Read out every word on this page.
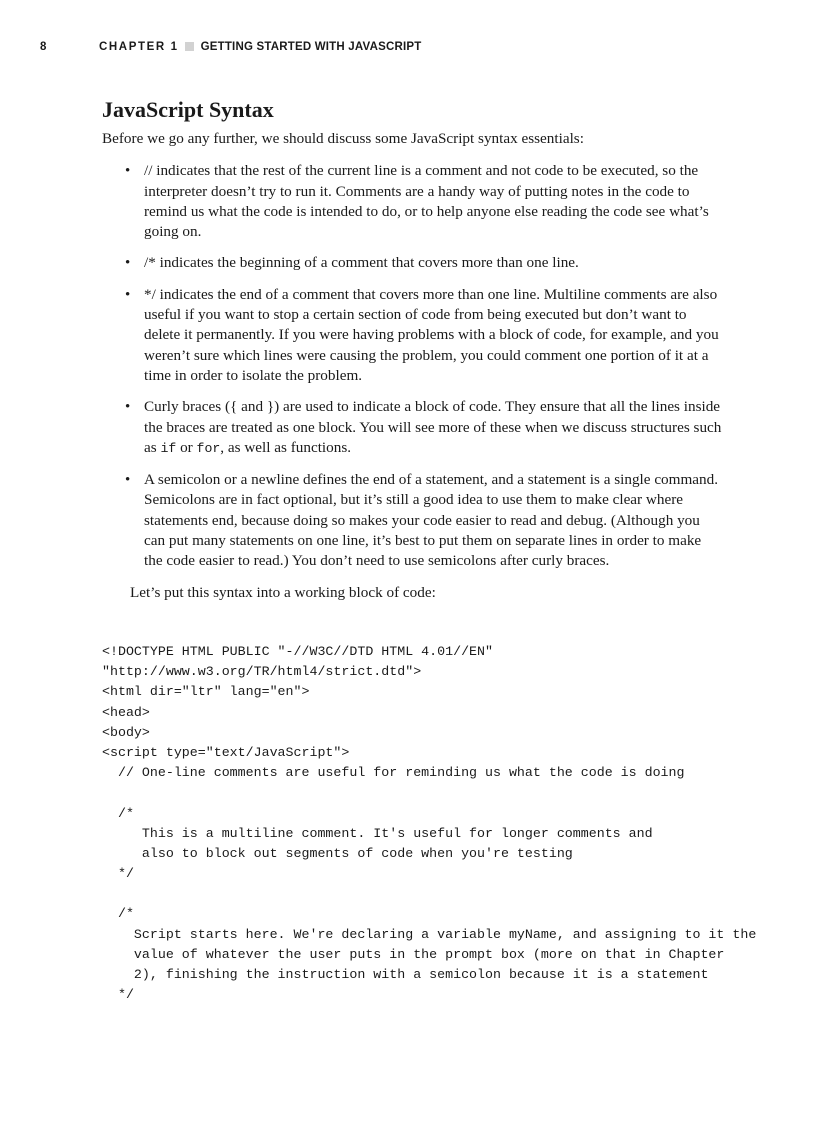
8	CHAPTER 1 GETTING STARTED WITH JAVASCRIPT
JavaScript Syntax

Before we go any further, we should discuss some JavaScript syntax essentials:

• // indicates that the rest of the current line is a comment and not code to be executed, so the interpreter doesn’t try to run it. Comments are a handy way of putting notes in the code to remind us what the code is intended to do, or to help anyone else reading the code see what’s going on.
• /* indicates the beginning of a comment that covers more than one line.
• */ indicates the end of a comment that covers more than one line. Multiline comments are also useful if you want to stop a certain section of code from being executed but don’t want to delete it permanently. If you were having problems with a block of code, for example, and you weren’t sure which lines were causing the problem, you could comment one portion of it at a time in order to isolate the problem.
• Curly braces ({ and }) are used to indicate a block of code. They ensure that all the lines inside the braces are treated as one block. You will see more of these when we discuss structures such as if or for, as well as functions.
• A semicolon or a newline defines the end of a statement, and a statement is a single command. Semicolons are in fact optional, but it’s still a good idea to use them to make clear where statements end, because doing so makes your code easier to read and debug. (Although you can put many statements on one line, it’s best to put them on separate lines in order to make the code easier to read.) You don’t need to use semicolons after curly braces.

Let’s put this syntax into a working block of code:

<!DOCTYPE HTML PUBLIC "-//W3C//DTD HTML 4.01//EN"
"http://www.w3.org/TR/html4/strict.dtd">
<html dir="ltr" lang="en">
<head>
<body>
<script type="text/JavaScript">
// One-line comments are useful for reminding us what the code is doing
/*
This is a multiline comment. It's useful for longer comments and
also to block out segments of code when you're testing
*/
/*
Script starts here. We're declaring a variable myName, and assigning to it the
value of whatever the user puts in the prompt box (more on that in Chapter
2), finishing the instruction with a semicolon because it is a statement
*/
